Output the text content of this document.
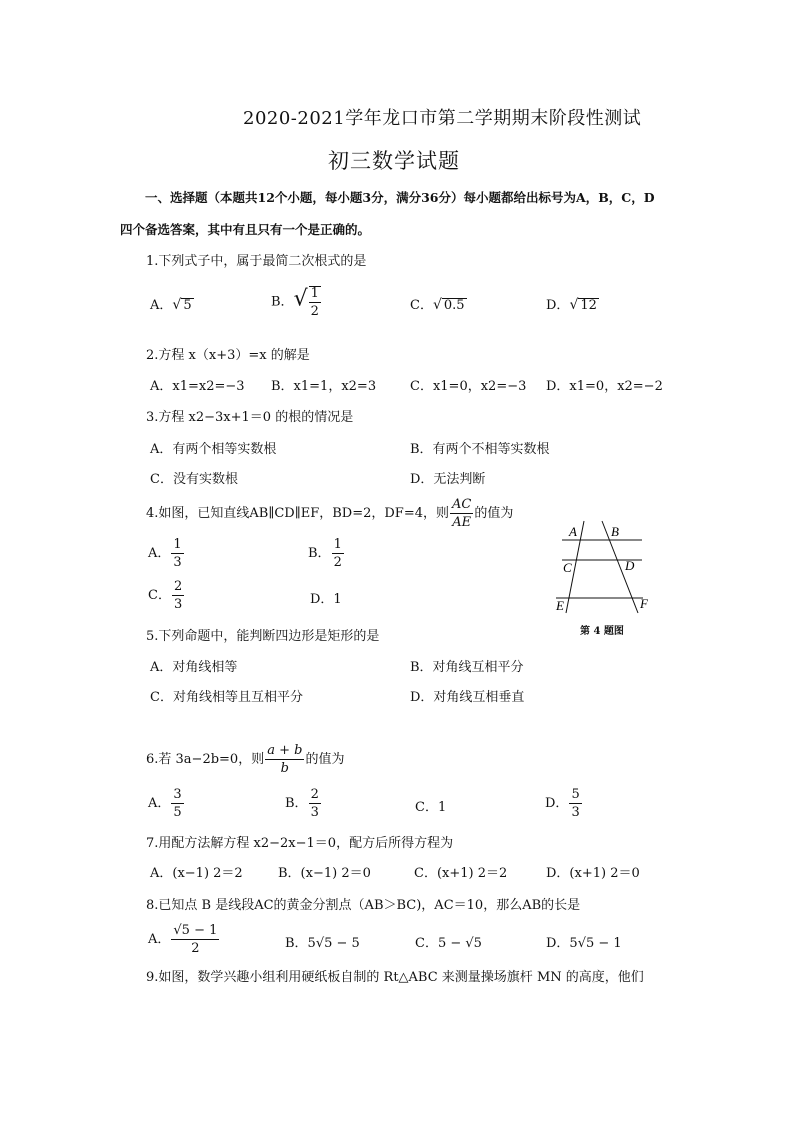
2020-2021学年龙口市第二学期期末阶段性测试
初三数学试题
一、选择题（本题共12个小题，每小题3分，满分36分）每小题都给出标号为A，B，C，D
四个备选答案，其中有且只有一个是正确的。
1.下列式子中，属于最简二次根式的是
A．√ 5	B．√ $\frac{1}{2}$	C．√ 0.5	D．√ 12
2.方程 x（x+3）=x 的解是
A．x1=x2=−3 B．x1=1，x2=3	C．x1=0，x2=−3 D．x1=0，x2=−2
3.方程 x2−3x+1＝0 的根的情况是
A．有两个相等实数根	B．有两个不相等实数根
C．没有实数根	D．无法判断
4.如图，已知直线AB∥CD∥EF，BD=2，DF=4，则 $\frac{AC}{AE}$ 的值为
A． $\frac{1}{3}$	B． $\frac{1}{2}$
C． $\frac{2}{3}$	D．1
A	B
C	D
E	F
第 4 题图
5.下列命题中，能判断四边形是矩形的是
A．对角线相等	B．对角线互相平分
C．对角线相等且互相平分	D．对角线互相垂直
6.若 3a−2b=0，则 $\frac{a + b}{b}$ 的值为
A． $\frac{3}{5}$	B． $\frac{2}{3}$	C．1	D． $\frac{5}{3}$
7.用配方法解方程 x2−2x−1＝0，配方后所得方程为
A．(x−1) 2＝2	B．(x−1) 2＝0	C．(x+1) 2＝2	D．(x+1) 2＝0
8.已知点 B 是线段AC的黄金分割点（AB＞BC)，AC＝10，那么AB的长是
A． $\frac{√5 - 1}{2}$	B．5√5 − 5	C．5 − √5	D．5√5 − 1
9.如图，数学兴趣小组利用硬纸板自制的 Rt△ABC 来测量操场旗杆 MN 的高度，他们
